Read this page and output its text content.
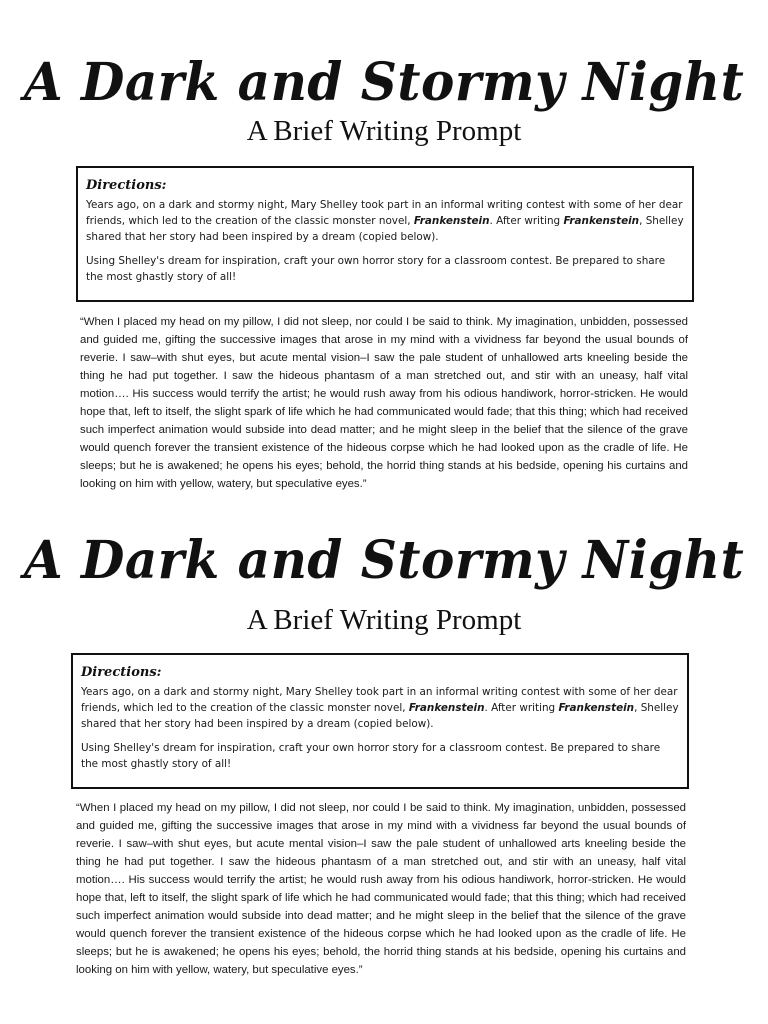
A Dark and Stormy Night
A Brief Writing Prompt
Directions:

Years ago, on a dark and stormy night, Mary Shelley took part in an informal writing contest with some of her dear friends, which led to the creation of the classic monster novel, Frankenstein. After writing Frankenstein, Shelley shared that her story had been inspired by a dream (copied below).

Using Shelley's dream for inspiration, craft your own horror story for a classroom contest. Be prepared to share the most ghastly story of all!

“When I placed my head on my pillow, I did not sleep, nor could I be said to think. My imagination, unbidden, possessed and guided me, gifting the successive images that arose in my mind with a vividness far beyond the usual bounds of reverie. I saw–with shut eyes, but acute mental vision–I saw the pale student of unhallowed arts kneeling beside the thing he had put together. I saw the hideous phantasm of a man stretched out, and stir with an uneasy, half vital motion…. His success would terrify the artist; he would rush away from his odious handiwork, horror-stricken. He would hope that, left to itself, the slight spark of life which he had communicated would fade; that this thing; which had received such imperfect animation would subside into dead matter; and he might sleep in the belief that the silence of the grave would quench forever the transient existence of the hideous corpse which he had looked upon as the cradle of life. He sleeps; but he is awakened; he opens his eyes; behold, the horrid thing stands at his bedside, opening his curtains and looking on him with yellow, watery, but speculative eyes.”

A Dark and Stormy Night
A Brief Writing Prompt
Directions:

Years ago, on a dark and stormy night, Mary Shelley took part in an informal writing contest with some of her dear friends, which led to the creation of the classic monster novel, Frankenstein. After writing Frankenstein, Shelley shared that her story had been inspired by a dream (copied below).

Using Shelley's dream for inspiration, craft your own horror story for a classroom contest. Be prepared to share the most ghastly story of all!

“When I placed my head on my pillow, I did not sleep, nor could I be said to think. My imagination, unbidden, possessed and guided me, gifting the successive images that arose in my mind with a vividness far beyond the usual bounds of reverie. I saw–with shut eyes, but acute mental vision–I saw the pale student of unhallowed arts kneeling beside the thing he had put together. I saw the hideous phantasm of a man stretched out, and stir with an uneasy, half vital motion…. His success would terrify the artist; he would rush away from his odious handiwork, horror-stricken. He would hope that, left to itself, the slight spark of life which he had communicated would fade; that this thing; which had received such imperfect animation would subside into dead matter; and he might sleep in the belief that the silence of the grave would quench forever the transient existence of the hideous corpse which he had looked upon as the cradle of life. He sleeps; but he is awakened; he opens his eyes; behold, the horrid thing stands at his bedside, opening his curtains and looking on him with yellow, watery, but speculative eyes.”
